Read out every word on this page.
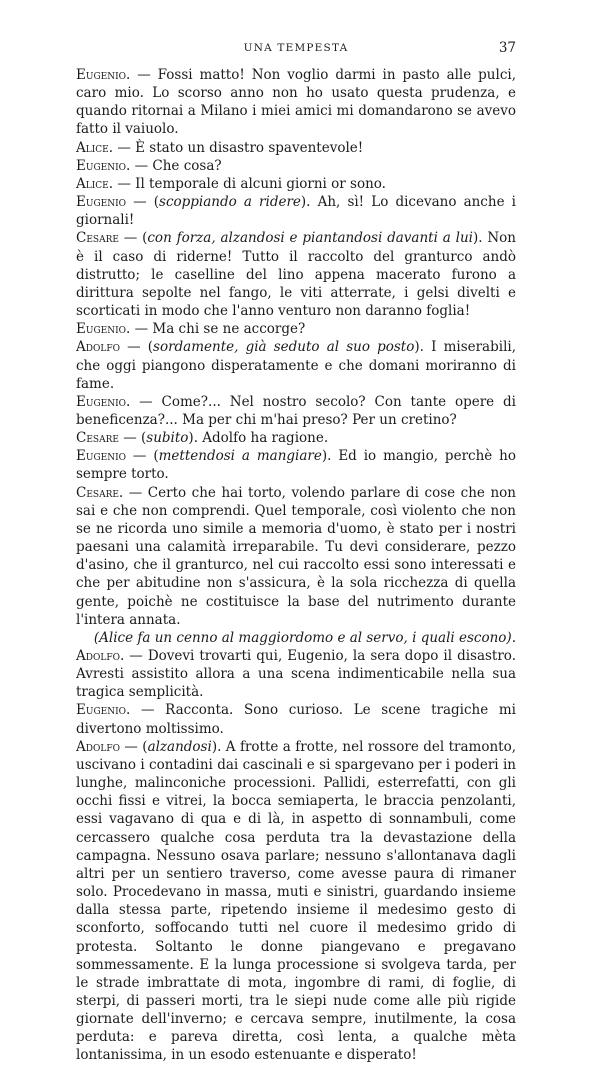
UNA TEMPESTA	37

Eugenio. — Fossi matto! Non voglio darmi in pasto alle pulci, caro mio. Lo scorso anno non ho usato questa prudenza, e quando ritornai a Milano i miei amici mi domandarono se avevo fatto il vaiuolo.

Alice. — È stato un disastro spaventevole!

Eugenio. — Che cosa?

Alice. — Il temporale di alcuni giorni or sono.

Eugenio — (scoppiando a ridere). Ah, sì! Lo dicevano anche i giornali!

Cesare — (con forza, alzandosi e piantandosi davanti a lui). Non è il caso di riderne! Tutto il raccolto del granturco andò distrutto; le caselline del lino appena macerato furono a dirittura sepolte nel fango, le viti atterrate, i gelsi divelti e scorticati in modo che l'anno venturo non daranno foglia!

Eugenio. — Ma chi se ne accorge?

Adolfo — (sordamente, già seduto al suo posto). I miserabili, che oggi piangono disperatamente e che domani moriranno di fame.

Eugenio. — Come?... Nel nostro secolo? Con tante opere di beneficenza?... Ma per chi m'hai preso? Per un cretino?

Cesare — (subito). Adolfo ha ragione.

Eugenio — (mettendosi a mangiare). Ed io mangio, perchè ho sempre torto.

Cesare. — Certo che hai torto, volendo parlare di cose che non sai e che non comprendi. Quel temporale, così violento che non se ne ricorda uno simile a memoria d'uomo, è stato per i nostri paesani una calamità irreparabile. Tu devi considerare, pezzo d'asino, che il granturco, nel cui raccolto essi sono interessati e che per abitudine non s'assicura, è la sola ricchezza di quella gente, poichè ne costituisce la base del nutrimento durante l'intera annata.

(Alice fa un cenno al maggiordomo e al servo, i quali escono).

Adolfo. — Dovevi trovarti qui, Eugenio, la sera dopo il disastro. Avresti assistito allora a una scena indimenticabile nella sua tragica semplicità.

Eugenio. — Racconta. Sono curioso. Le scene tragiche mi divertono moltissimo.

Adolfo — (alzandosi). A frotte a frotte, nel rossore del tramonto, uscivano i contadini dai cascinali e si spargevano per i poderi in lunghe, malinconiche processioni. Pallidi, esterrefatti, con gli occhi fissi e vitrei, la bocca semiaperta, le braccia penzolanti, essi vagavano di qua e di là, in aspetto di sonnambuli, come cercassero qualche cosa perduta tra la devastazione della campagna. Nessuno osava parlare; nessuno s'allontanava dagli altri per un sentiero traverso, come avesse paura di rimaner solo. Procedevano in massa, muti e sinistri, guardando insieme dalla stessa parte, ripetendo insieme il medesimo gesto di sconforto, soffocando tutti nel cuore il medesimo grido di protesta. Soltanto le donne piangevano e pregavano sommessamente. E la lunga processione si svolgeva tarda, per le strade imbrattate di mota, ingombre di rami, di foglie, di sterpi, di passeri morti, tra le siepi nude come alle più rigide giornate dell'inverno; e cercava sempre, inutilmente, la cosa perduta: e pareva diretta, così lenta, a qualche mèta lontanissima, in un esodo estenuante e disperato!
